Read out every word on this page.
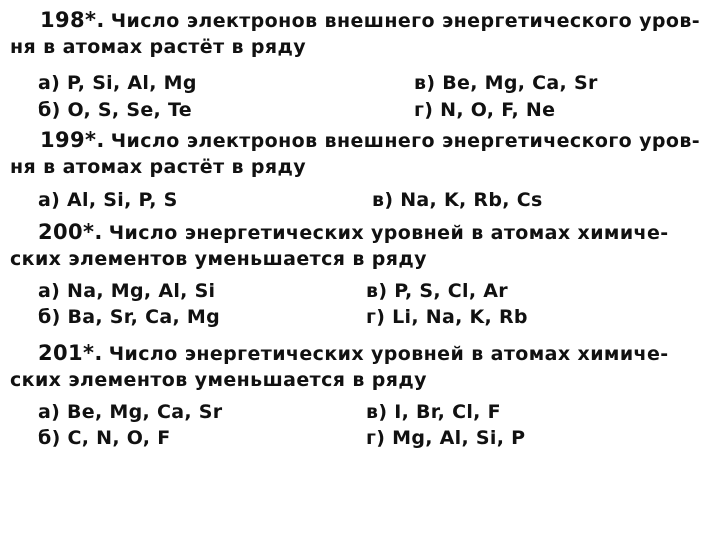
198*. Число электронов внешнего энергетического уров-
ня в атомах растёт в ряду
а) P, Si, Al, Mg
б) O, S, Se, Te
в) Be, Mg, Ca, Sr
г) N, O, F, Ne
199*. Число электронов внешнего энергетического уров-
ня в атомах растёт в ряду
а) Al, Si, P, S	в) Na, K, Rb, Cs
200*. Число энергетических уровней в атомах химиче-
ских элементов уменьшается в ряду
а) Na, Mg, Al, Si
б) Ba, Sr, Ca, Mg
в) P, S, Cl, Ar
г) Li, Na, K, Rb
201*. Число энергетических уровней в атомах химиче-
ских элементов уменьшается в ряду
а) Be, Mg, Ca, Sr
б) C, N, O, F
в) I, Br, Cl, F
г) Mg, Al, Si, P
